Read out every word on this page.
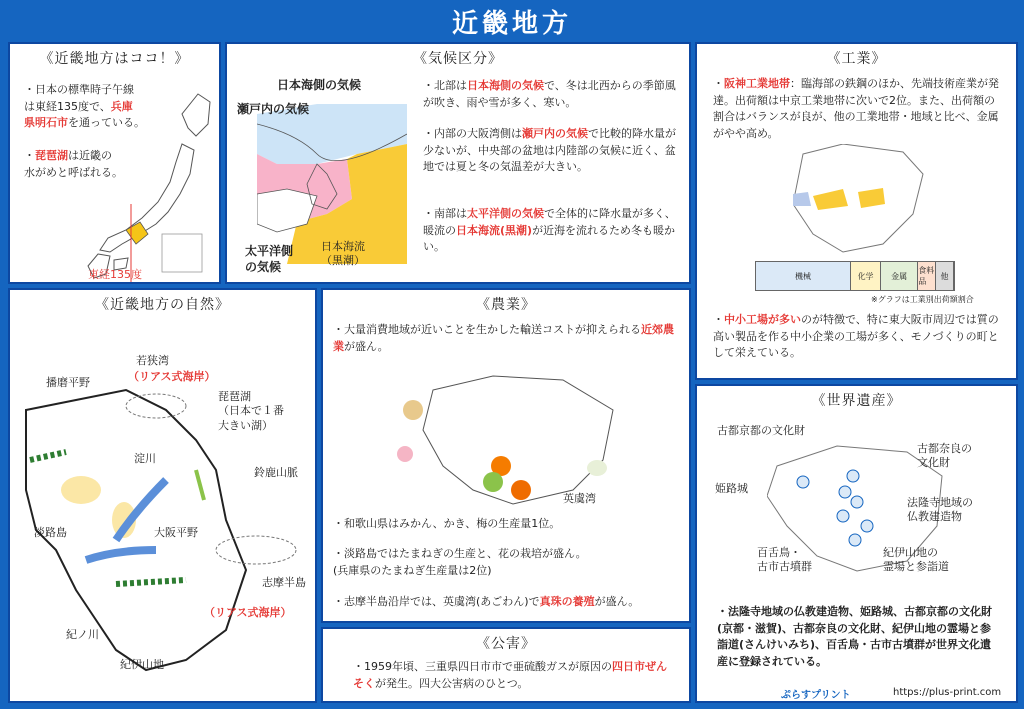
近畿地方
《近畿地方はココ！》
・日本の標準時子午線
は東経135度で、兵庫
県明石市を通っている。
・琵琶湖は近畿の
水がめと呼ばれる。
東経135度
《気候区分》
日本海側の気候
瀬戸内の気候
太平洋側
の気候
日本海流
（黒潮）
・北部は日本海側の気候で、冬は北西からの季節風が吹き、雨や雪が多く、寒い。
・内部の大阪湾側は瀬戸内の気候で比較的降水量が少ないが、中央部の盆地は内陸部の気候に近く、盆地では夏と冬の気温差が大きい。
・南部は太平洋側の気候で全体的に降水量が多く、暖流の日本海流(黒潮)が近海を流れるため冬も暖かい。
《工業》
・阪神工業地帯：臨海部の鉄鋼のほか、先端技術産業が発達。出荷額は中京工業地帯に次いで2位。また、出荷額の割合はバランスが良が、他の工業地帯・地域と比べ、金属がやや高め。
機械	化学	金属
食料品
他
※グラフは工業別出荷額割合
・中小工場が多いのが特徴で、特に東大阪市周辺では質の高い製品を作る中小企業の工場が多く、モノづくりの町として栄えている。
《近畿地方の自然》
播磨平野
若狭湾
（リアス式海岸）
琵琶湖
（日本で１番
大きい湖）
淀川
鈴鹿山脈
淡路島	大阪平野
志摩半島
（リアス式海岸）
紀ノ川
紀伊山地
《農業》
・大量消費地域が近いことを生かした輸送コストが抑えられる近郊農業が盛ん。
英虞湾
・和歌山県はみかん、かき、梅の生産量1位。
・淡路島ではたまねぎの生産と、花の栽培が盛ん。
(兵庫県のたまねぎ生産量は2位)
・志摩半島沿岸では、英虞湾(あごわん)で真珠の養殖が盛ん。
《公害》
・1959年頃、三重県四日市市で亜硫酸ガスが原因の四日市ぜんそくが発生。四大公害病のひとつ。
《世界遺産》
古都京都の文化財
古都奈良の
文化財
姫路城
法隆寺地域の
仏教建造物
百舌鳥・
古市古墳群
紀伊山地の
霊場と参詣道
・法隆寺地域の仏教建造物、姫路城、古都京都の文化財(京都・滋賀)、古都奈良の文化財、紀伊山地の霊場と参詣道(さんけいみち)、百舌鳥・古市古墳群が世界文化遺産に登録されている。
ぷらすプリント	https://plus-print.com
